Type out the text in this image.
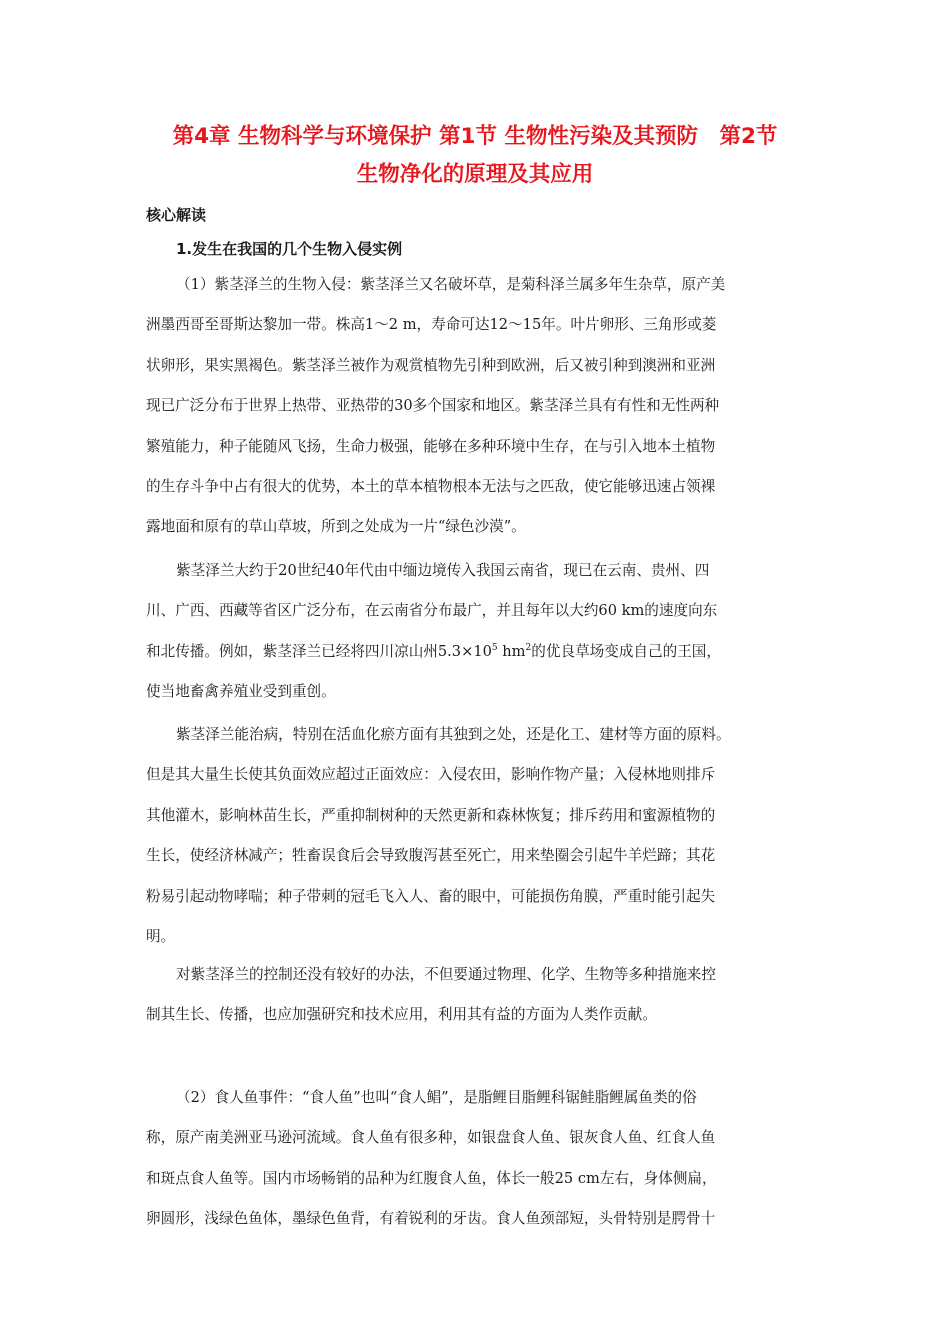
第4章 生物科学与环境保护 第1节 生物性污染及其预防　第2节
生物净化的原理及其应用
核心解读
1.发生在我国的几个生物入侵实例
（1）紫茎泽兰的生物入侵：紫茎泽兰又名破坏草，是菊科泽兰属多年生杂草，原产美
洲墨西哥至哥斯达黎加一带。株高1～2 m，寿命可达12～15年。叶片卵形、三角形或菱
状卵形，果实黑褐色。紫茎泽兰被作为观赏植物先引种到欧洲，后又被引种到澳洲和亚洲
现已广泛分布于世界上热带、亚热带的30多个国家和地区。紫茎泽兰具有有性和无性两种
繁殖能力，种子能随风飞扬，生命力极强，能够在多种环境中生存，在与引入地本土植物
的生存斗争中占有很大的优势，本土的草本植物根本无法与之匹敌，使它能够迅速占领裸
露地面和原有的草山草坡，所到之处成为一片“绿色沙漠”。
紫茎泽兰大约于20世纪40年代由中缅边境传入我国云南省，现已在云南、贵州、四
川、广西、西藏等省区广泛分布，在云南省分布最广，并且每年以大约60 km的速度向东
和北传播。例如，紫茎泽兰已经将四川凉山州$5.3\times 10^5$ $hm^2$的优良草场变成自己的王国，
使当地畜禽养殖业受到重创。
紫茎泽兰能治病，特别在活血化瘀方面有其独到之处，还是化工、建材等方面的原料。
但是其大量生长使其负面效应超过正面效应：入侵农田，影响作物产量；入侵林地则排斥
其他灌木，影响林苗生长，严重抑制树种的天然更新和森林恢复；排斥药用和蜜源植物的
生长，使经济林减产；牲畜误食后会导致腹泻甚至死亡，用来垫圈会引起牛羊烂蹄；其花
粉易引起动物哮喘；种子带刺的冠毛飞入人、畜的眼中，可能损伤角膜，严重时能引起失
明。
对紫茎泽兰的控制还没有较好的办法，不但要通过物理、化学、生物等多种措施来控
制其生长、传播，也应加强研究和技术应用，利用其有益的方面为人类作贡献。
（2）食人鱼事件：“食人鱼”也叫“食人鲳”，是脂鲤目脂鲤科锯鲑脂鲤属鱼类的俗
称，原产南美洲亚马逊河流域。食人鱼有很多种，如银盘食人鱼、银灰食人鱼、红食人鱼
和斑点食人鱼等。国内市场畅销的品种为红腹食人鱼，体长一般25 cm左右，身体侧扁，
卵圆形，浅绿色鱼体，墨绿色鱼背，有着锐利的牙齿。食人鱼颈部短，头骨特别是腭骨十
